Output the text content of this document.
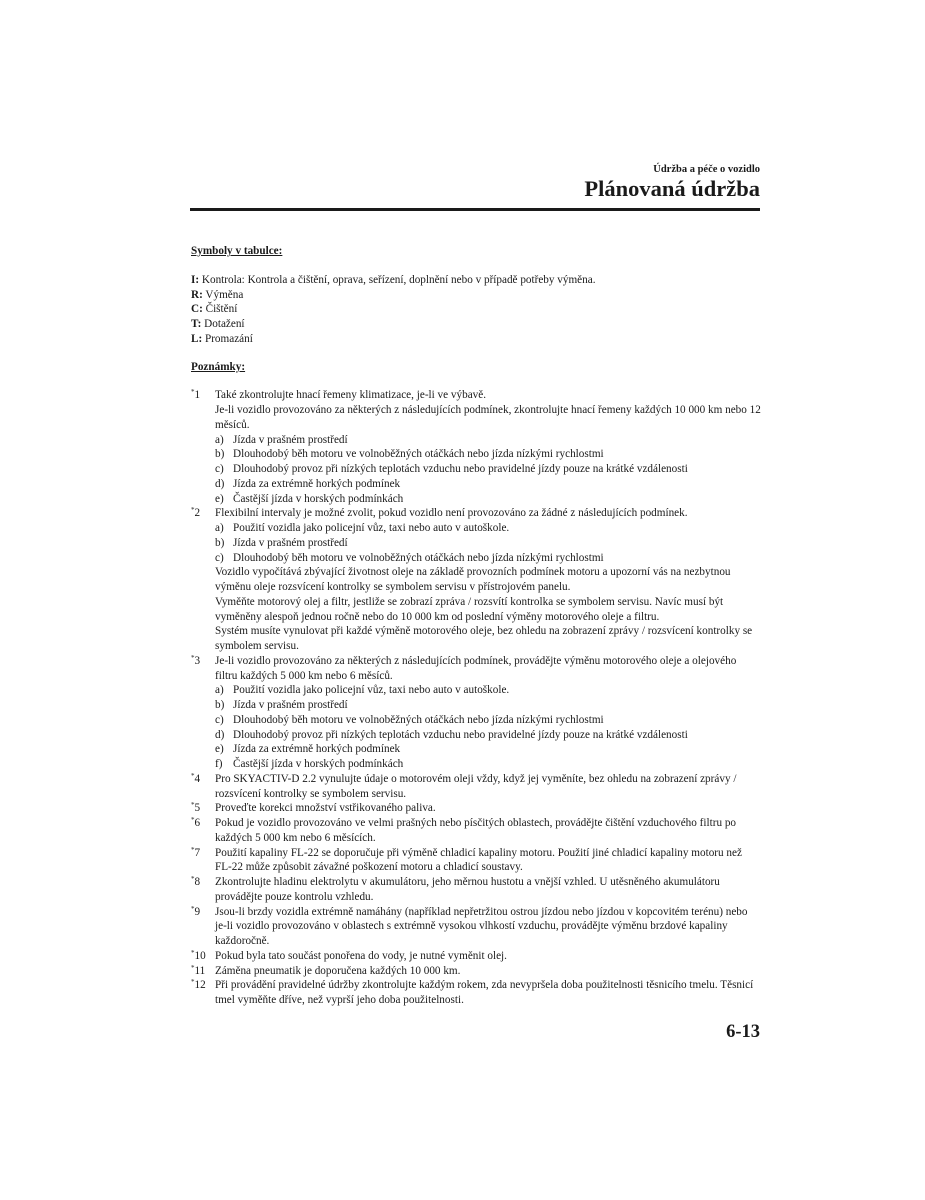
Údržba a péče o vozidlo
Plánovaná údržba
Symboly v tabulce:
I: Kontrola: Kontrola a čištění, oprava, seřízení, doplnění nebo v případě potřeby výměna.
R: Výměna
C: Čištění
T: Dotažení
L: Promazání
Poznámky:
*1 Také zkontrolujte hnací řemeny klimatizace, je-li ve výbavě.
Je-li vozidlo provozováno za některých z následujících podmínek, zkontrolujte hnací řemeny každých 10 000 km nebo 12 měsíců.
a) Jízda v prašném prostředí
b) Dlouhodobý běh motoru ve volnoběžných otáčkách nebo jízda nízkými rychlostmi
c) Dlouhodobý provoz při nízkých teplotách vzduchu nebo pravidelné jízdy pouze na krátké vzdálenosti
d) Jízda za extrémně horkých podmínek
e) Častější jízda v horských podmínkách
*2 Flexibilní intervaly je možné zvolit, pokud vozidlo není provozováno za žádné z následujících podmínek.
a) Použití vozidla jako policejní vůz, taxi nebo auto v autoškole.
b) Jízda v prašném prostředí
c) Dlouhodobý běh motoru ve volnoběžných otáčkách nebo jízda nízkými rychlostmi
Vozidlo vypočítává zbývající životnost oleje na základě provozních podmínek motoru a upozorní vás na nezbytnou výměnu oleje rozsvícení kontrolky se symbolem servisu v přístrojovém panelu.
Vyměňte motorový olej a filtr, jestliže se zobrazí zpráva / rozsvítí kontrolka se symbolem servisu. Navíc musí být vyměněny alespoň jednou ročně nebo do 10 000 km od poslední výměny motorového oleje a filtru.
Systém musíte vynulovat při každé výměně motorového oleje, bez ohledu na zobrazení zprávy / rozsvícení kontrolky se symbolem servisu.
*3 Je-li vozidlo provozováno za některých z následujících podmínek, provádějte výměnu motorového oleje a olejového filtru každých 5 000 km nebo 6 měsíců.
a) Použití vozidla jako policejní vůz, taxi nebo auto v autoškole.
b) Jízda v prašném prostředí
c) Dlouhodobý běh motoru ve volnoběžných otáčkách nebo jízda nízkými rychlostmi
d) Dlouhodobý provoz při nízkých teplotách vzduchu nebo pravidelné jízdy pouze na krátké vzdálenosti
e) Jízda za extrémně horkých podmínek
f) Častější jízda v horských podmínkách
*4 Pro SKYACTIV-D 2.2 vynulujte údaje o motorovém oleji vždy, když jej vyměníte, bez ohledu na zobrazení zprávy / rozsvícení kontrolky se symbolem servisu.
*5 Proveďte korekci množství vstřikovaného paliva.
*6 Pokud je vozidlo provozováno ve velmi prašných nebo písčitých oblastech, provádějte čištění vzduchového filtru po každých 5 000 km nebo 6 měsících.
*7 Použití kapaliny FL-22 se doporučuje při výměně chladicí kapaliny motoru. Použití jiné chladicí kapaliny motoru než FL-22 může způsobit závažné poškození motoru a chladicí soustavy.
*8 Zkontrolujte hladinu elektrolytu v akumulátoru, jeho měrnou hustotu a vnější vzhled. U utěsněného akumulátoru provádějte pouze kontrolu vzhledu.
*9 Jsou-li brzdy vozidla extrémně namáhány (například nepřetržitou ostrou jízdou nebo jízdou v kopcovitém terénu) nebo je-li vozidlo provozováno v oblastech s extrémně vysokou vlhkostí vzduchu, provádějte výměnu brzdové kapaliny každoročně.
*10 Pokud byla tato součást ponořena do vody, je nutné vyměnit olej.
*11 Záměna pneumatik je doporučena každých 10 000 km.
*12 Při provádění pravidelné údržby zkontrolujte každým rokem, zda nevypršela doba použitelnosti těsnicího tmelu. Těsnicí tmel vyměňte dříve, než vyprší jeho doba použitelnosti.
6-13
